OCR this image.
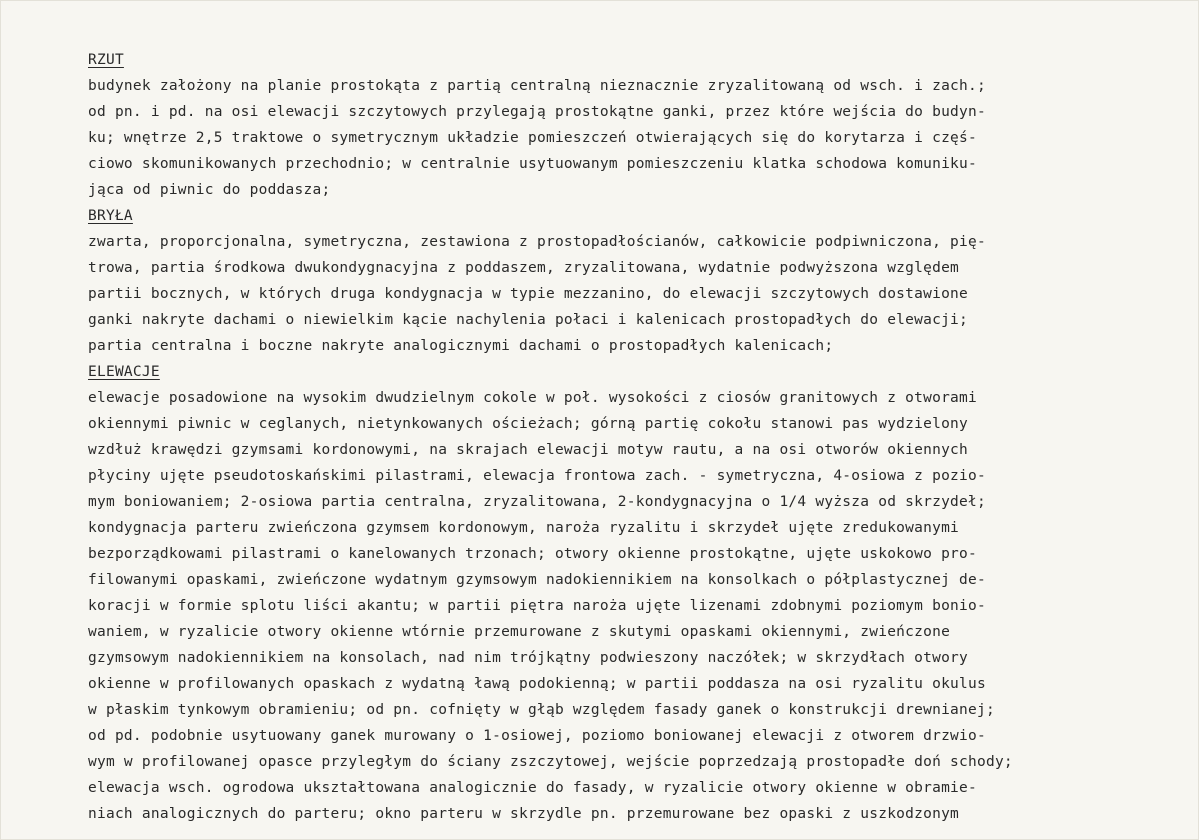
RZUT
budynek założony na planie prostokąta z partią centralną nieznacznie zryzalitowaną od wsch. i zach.;
od pn. i pd. na osi elewacji szczytowych przylegają prostokątne ganki, przez które wejścia do budyn-
ku; wnętrze 2,5 traktowe o symetrycznym układzie pomieszczeń otwierających się do korytarza i częś-
ciowo skomunikowanych przechodnio; w centralnie usytuowanym pomieszczeniu klatka schodowa komuniku-
jąca od piwnic do poddasza;
BRYŁA
zwarta, proporcjonalna, symetryczna, zestawiona z prostopadłościanów, całkowicie podpiwniczona, pię-
trowa, partia środkowa dwukondygnacyjna z poddaszem, zryzalitowana, wydatnie podwyższona względem
partii bocznych, w których druga kondygnacja w typie mezzanino, do elewacji szczytowych dostawione
ganki nakryte dachami o niewielkim kącie nachylenia połaci i kalenicach prostopadłych do elewacji;
partia centralna i boczne nakryte analogicznymi dachami o prostopadłych kalenicach;
ELEWACJE
elewacje posadowione na wysokim dwudzielnym cokole w poł. wysokości z ciosów granitowych z otworami
okiennymi piwnic w ceglanych, nietynkowanych ościeżach; górną partię cokołu stanowi pas wydzielony
wzdłuż krawędzi gzymsami kordonowymi, na skrajach elewacji motyw rautu, a na osi otworów okiennych
płyciny ujęte pseudotoskańskimi pilastrami, elewacja frontowa zach. - symetryczna, 4-osiowa z pozio-
mym boniowaniem; 2-osiowa partia centralna, zryzalitowana, 2-kondygnacyjna o 1/4 wyższa od skrzydeł;
kondygnacja parteru zwieńczona gzymsem kordonowym, naroża ryzalitu i skrzydeł ujęte zredukowanymi
bezporządkowami pilastrami o kanelowanych trzonach; otwory okienne prostokątne, ujęte uskokowo pro-
filowanymi opaskami, zwieńczone wydatnym gzymsowym nadokiennikiem na konsolkach o półplastycznej de-
koracji w formie splotu liści akantu; w partii piętra naroża ujęte lizenami zdobnymi poziomym bonio-
waniem, w ryzalicie otwory okienne wtórnie przemurowane z skutymi opaskami okiennymi, zwieńczone
gzymsowym nadokiennikiem na konsolach, nad nim trójkątny podwieszony naczółek; w skrzydłach otwory
okienne w profilowanych opaskach z wydatną ławą podokienną; w partii poddasza na osi ryzalitu okulus
w płaskim tynkowym obramieniu; od pn. cofnięty w głąb względem fasady ganek o konstrukcji drewnianej;
od pd. podobnie usytuowany ganek murowany o 1-osiowej, poziomo boniowanej elewacji z otworem drzwio-
wym w profilowanej opasce przyległym do ściany zszczytowej, wejście poprzedzają prostopadłe doń schody;
elewacja wsch. ogrodowa ukształtowana analogicznie do fasady, w ryzalicie otwory okienne w obramie-
niach analogicznych do parteru; okno parteru w skrzydle pn. przemurowane bez opaski z uszkodzonym
